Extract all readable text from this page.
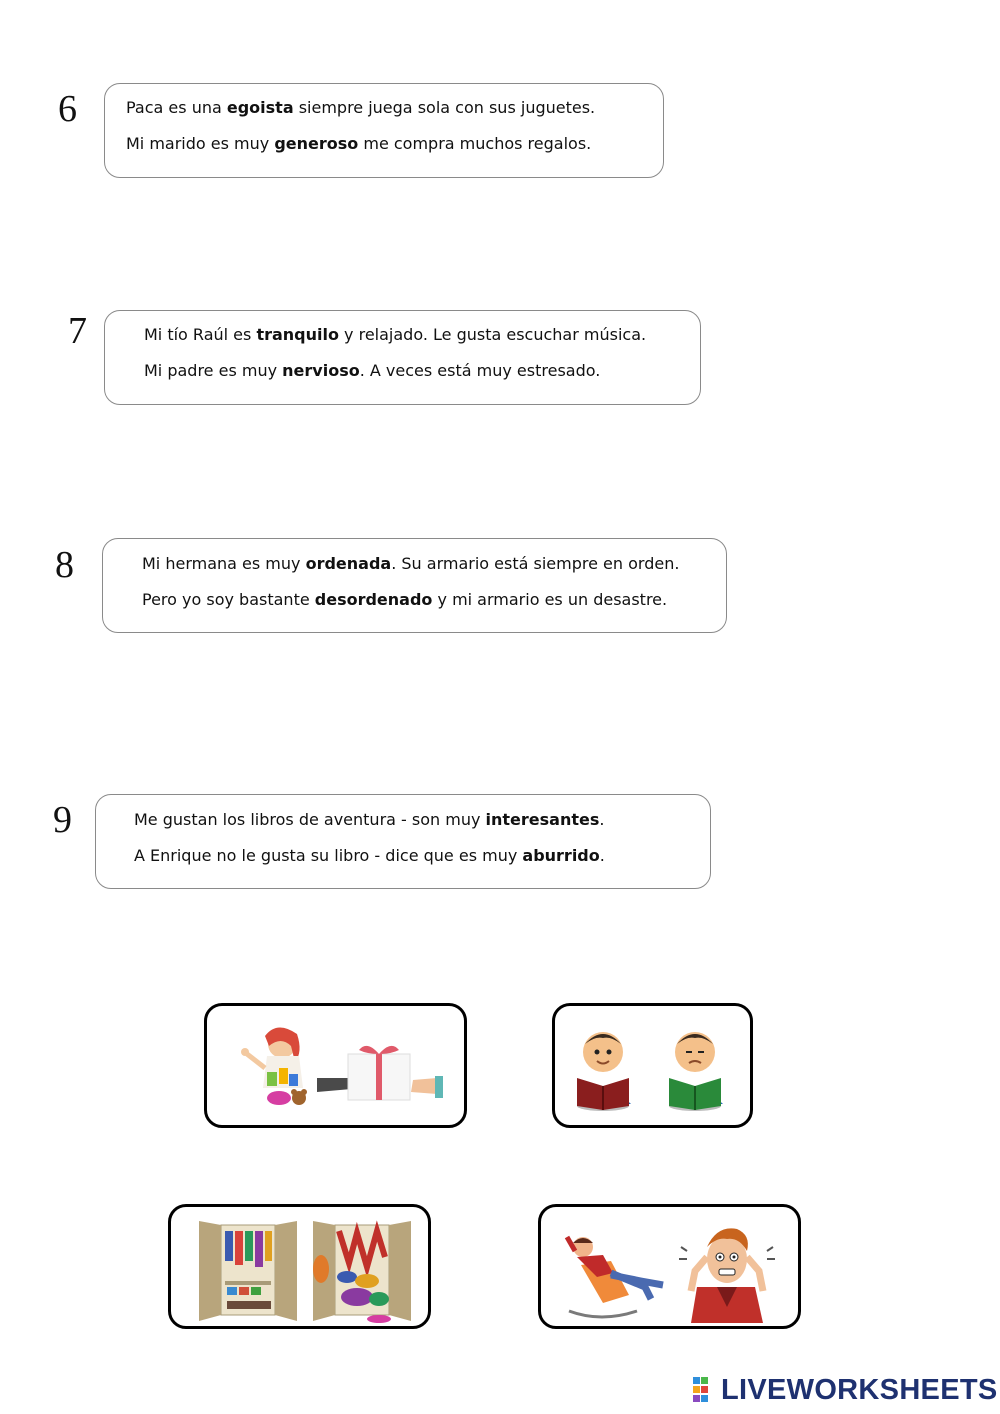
6	Paca es una egoista siempre juega sola con sus juguetes.
Mi marido es muy generoso me compra muchos regalos.
7	Mi tío Raúl es tranquilo y relajado. Le gusta escuchar música.
Mi padre es muy nervioso. A veces está muy estresado.
8	Mi hermana es muy ordenada. Su armario está siempre en orden.
Pero yo soy bastante desordenado y mi armario es un desastre.
9	Me gustan los libros de aventura - son muy interesantes.
A Enrique no le gusta su libro - dice que es muy aburrido.
LIVEWORKSHEETS
